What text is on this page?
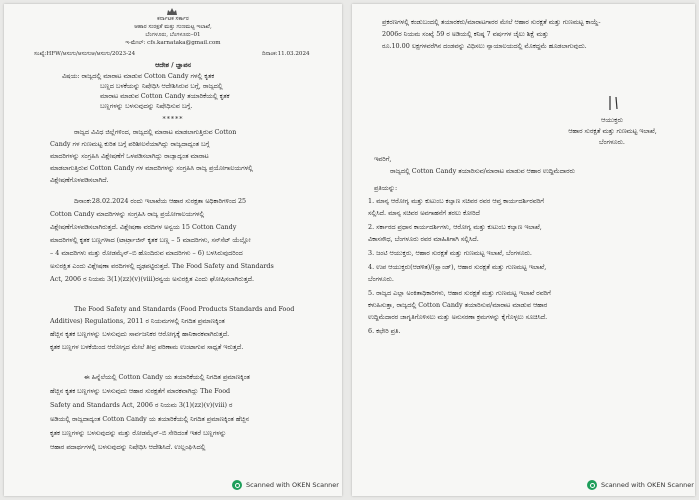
ಕರ್ನಾಟಕ ಸರ್ಕಾರ
ಆಹಾರ ಸುರಕ್ಷತೆ ಮತ್ತು ಗುಣಮಟ್ಟ ಇಲಾಖೆ,
ಬೆಂಗಳೂರು, ಬೆಂಗಳೂರು–01
ಇ-ಮೇಲ್: cfs.karnataka@gmail.com
ಸಂಖ್ಯೆ:HFW/ಆಸುಗು/ಆಸುಗುಆ/ಆಸುಗು/2023-24	ದಿನಾಂಕ:11.03.2024
ಆದೇಶ / ಜ್ಞಾಪನ
ವಿಷಯ: ರಾಜ್ಯದಲ್ಲಿ ಮಾರಾಟ ಮಾಡುವ Cotton Candy ಗಳಲ್ಲಿ ಕೃತಕ
ಬಣ್ಣದ ಬಳಕೆಯನ್ನು ನಿಷೇಧಿಸಿ ಆದೇಶಿಸಿರುವ ಬಗ್ಗೆ, ರಾಜ್ಯದಲ್ಲಿ
ಮಾರಾಟ ಮಾಡುವ Cotton Candy ತಯಾರಿಕೆಯಲ್ಲಿ ಕೃತಕ
ಬಣ್ಣಗಳನ್ನು ಬಳಸುವುದನ್ನು ನಿಷೇಧಿಸುವ ಬಗ್ಗೆ.
*****
ರಾಜ್ಯದ ವಿವಿಧ ಜಿಲ್ಲೆಗಳಿಂದ, ರಾಜ್ಯದಲ್ಲಿ ಮಾರಾಟ ಮಾಡಲಾಗುತ್ತಿರುವ Cotton
Candy ಗಳ ಗುಣಮಟ್ಟ ಕುರಿತ ಬಗ್ಗೆ ಪರಿಶೀಲನೆಯಾಗಿದ್ದು ರಾಜ್ಯದಾದ್ಯಂತ ಬಗ್ಗೆ
ಮಾದರಿಗಳನ್ನು ಸಂಗ್ರಹಿಸಿ ವಿಶ್ಲೇಷಣೆಗೆ ಒಳಪಡಿಸಲಾಗಿದ್ದು ರಾಜ್ಯಾದ್ಯಂತ ಮಾರಾಟ
ಮಾಡಲಾಗುತ್ತಿರುವ Cotton Candy ಗಳ ಮಾದರಿಗಳನ್ನು ಸಂಗ್ರಹಿಸಿ ರಾಜ್ಯ ಪ್ರಯೋಗಾಲಯಗಳಲ್ಲಿ
ವಿಶ್ಲೇಷಣೆಗೊಳಪಡಿಸಲಾಗಿದೆ.
ದಿನಾಂಕ:28.02.2024 ರಂದು ಇಲಾಖೆಯ ಆಹಾರ ಸುರಕ್ಷತಾ ಅಧಿಕಾರಿಗಳಿಂದ 25
Cotton Candy ಮಾದರಿಗಳನ್ನು ಸಂಗ್ರಹಿಸಿ ರಾಜ್ಯ ಪ್ರಯೋಗಾಲಯಗಳಲ್ಲಿ
ವಿಶ್ಲೇಷಣೆಗೊಳಪಡಿಸಲಾಗಿರುತ್ತದೆ. ವಿಶ್ಲೇಷಣಾ ವರದಿಗಳ ಅನ್ವಯ 15 Cotton Candy
ಮಾದರಿಗಳಲ್ಲಿ ಕೃತಕ ಬಣ್ಣಗಳಾದ (ಟಾರ್ಟ್ರಾಜಿನ್ ಕೃತಕ ಬಣ್ಣ – 5 ಮಾದರಿಗಳು, ಸನ್‌ಸೆಟ್ ಯೆಲ್ಲೋ
– 4 ಮಾದರಿಗಳು ಮತ್ತು ರೋಡಮೈನ್–ಬಿ ಹೊಂದಿರುವ ಮಾದರಿಗಳು – 6) ಬಳಸಿರುವುದರಿಂದ
ಅಸುರಕ್ಷಿತ ಎಂದು ವಿಶ್ಲೇಷಣಾ ವರದಿಗಳಲ್ಲಿ ದೃಢಪಟ್ಟಿರುತ್ತದೆ. The Food Safety and Standards
Act, 2006 ರ ನಿಯಮ 3(1)(zz)(v)(viii)ರನ್ವಯ ಅಸುರಕ್ಷಿತ ಎಂದು ಘೋಷಿಸಲಾಗಿರುತ್ತದೆ.
The Food Safety and Standards (Food Products Standards and Food
Additives) Regulations, 2011 ರ ನಿಯಮಗಳಲ್ಲಿ ನಿಗದಿತ ಪ್ರಮಾಣಕ್ಕಿಂತ
ಹೆಚ್ಚಿನ ಕೃತಕ ಬಣ್ಣಗಳನ್ನು ಬಳಸುವುದು ಸಾರ್ವಜನಿಕರ ಆರೋಗ್ಯಕ್ಕೆ ಹಾನಿಕಾರಕವಾಗಿರುತ್ತದೆ.
ಕೃತಕ ಬಣ್ಣಗಳ ಬಳಕೆಯಿಂದ ಆರೋಗ್ಯದ ಮೇಲೆ ತೀವ್ರ ಪರಿಣಾಮ ಉಂಟಾಗುವ ಸಾಧ್ಯತೆ ಇರುತ್ತದೆ.
ಈ ಹಿನ್ನೆಲೆಯಲ್ಲಿ Cotton Candy ಯ ತಯಾರಿಕೆಯಲ್ಲಿ ನಿಗದಿತ ಪ್ರಮಾಣಕ್ಕಿಂತ
ಹೆಚ್ಚಿನ ಕೃತಕ ಬಣ್ಣಗಳನ್ನು ಬಳಸುವುದು ಆಹಾರ ಸುರಕ್ಷತೆಗೆ ಮಾರಕವಾಗಿದ್ದು The Food
Safety and Standards Act, 2006 ರ ನಿಯಮ 3(1)(zz)(v)(viii) ರ
ಅಡಿಯಲ್ಲಿ ರಾಜ್ಯದಾದ್ಯಂತ Cotton Candy ಯ ತಯಾರಿಕೆಯಲ್ಲಿ ನಿಗದಿತ ಪ್ರಮಾಣಕ್ಕಿಂತ ಹೆಚ್ಚಿನ
ಕೃತಕ ಬಣ್ಣಗಳನ್ನು ಬಳಸುವುದನ್ನು ಮತ್ತು ರೋಡಮೈನ್–ಬಿ ಸೇರಿದಂತೆ ಇತರೆ ಬಣ್ಣಗಳನ್ನು
ಆಹಾರ ಪದಾರ್ಥಗಳಲ್ಲಿ ಬಳಸುವುದನ್ನು ನಿಷೇಧಿಸಿ ಆದೇಶಿಸಿದೆ. ಉಲ್ಲಂಘಿಸಿದಲ್ಲಿ
Scanned with OKEN Scanner
ಪ್ರಕರಣಗಳಲ್ಲಿ ಕಂಡುಬಂದಲ್ಲಿ ತಯಾರಕರು/ಮಾರಾಟಗಾರರ ಮೇಲೆ ಆಹಾರ ಸುರಕ್ಷತೆ ಮತ್ತು ಗುಣಮಟ್ಟ ಕಾಯ್ದೆ-
2006ರ ನಿಯಮ ಸಂಖ್ಯೆ 59 ರ ಅಡಿಯಲ್ಲಿ ಕನಿಷ್ಠ 7 ವರ್ಷಗಳ ಜೈಲು ಶಿಕ್ಷೆ ಮತ್ತು
ರೂ.10.00 ಲಕ್ಷಗಳವರೆಗಿನ ದಂಡವನ್ನು ವಿಧಿಸಲು ನ್ಯಾಯಾಲಯದಲ್ಲಿ ಮೊಕದ್ದಮೆ ಹೂಡಲಾಗುವುದು.
ಆಯುಕ್ತರು
ಆಹಾರ ಸುರಕ್ಷತೆ ಮತ್ತು ಗುಣಮಟ್ಟ ಇಲಾಖೆ,
ಬೆಂಗಳೂರು.
ಇವರಿಗೆ,
ರಾಜ್ಯದಲ್ಲಿ Cotton Candy ತಯಾರಿಸುವ/ಮಾರಾಟ ಮಾಡುವ ಆಹಾರ ಉದ್ದಿಮೆದಾರರು
ಪ್ರತಿಯನ್ನು:
1. ಮಾನ್ಯ ಆರೋಗ್ಯ ಮತ್ತು ಕುಟುಂಬ ಕಲ್ಯಾಣ ಸಚಿವರ ರವರ ಆಪ್ತ ಕಾರ್ಯದರ್ಶಿರವರಿಗೆ
ಸಲ್ಲಿಸಿದೆ. ಮಾನ್ಯ ಸಚಿವರ ಅವಗಾಹನೆಗೆ ತರಲು ಕೋರಿದೆ
2. ಸರ್ಕಾರದ ಪ್ರಧಾನ ಕಾರ್ಯದರ್ಶಿಗಳು, ಆರೋಗ್ಯ ಮತ್ತು ಕುಟುಂಬ ಕಲ್ಯಾಣ ಇಲಾಖೆ,
ವಿಕಾಸಸೌಧ, ಬೆಂಗಳೂರು ರವರ ಮಾಹಿತಿಗಾಗಿ ಸಲ್ಲಿಸಿದೆ.
3. ಜಂಟಿ ಆಯುಕ್ತರು, ಆಹಾರ ಸುರಕ್ಷತೆ ಮತ್ತು ಗುಣಮಟ್ಟ ಇಲಾಖೆ, ಬೆಂಗಳೂರು.
4. ಉಪ ಆಯುಕ್ತರು(ಆಡಳಿತ)/(ಸ್ಟ್ಯಾಂಡ್), ಆಹಾರ ಸುರಕ್ಷತೆ ಮತ್ತು ಗುಣಮಟ್ಟ ಇಲಾಖೆ,
ಬೆಂಗಳೂರು.
5. ರಾಜ್ಯದ ಎಲ್ಲಾ ಅಂಕಿತಾಧಿಕಾರಿಗಳು, ಆಹಾರ ಸುರಕ್ಷತೆ ಮತ್ತು ಗುಣಮಟ್ಟ ಇಲಾಖೆ ರವರಿಗೆ
ಕಳುಹಿಸುತ್ತಾ, ರಾಜ್ಯದಲ್ಲಿ Cotton Candy ತಯಾರಿಸುವ/ಮಾರಾಟ ಮಾಡುವ ಆಹಾರ
ಉದ್ದಿಮೆದಾರರ ಜಾಗೃತಿಗೊಳಿಸಲು ಮತ್ತು ಅನುಸರಣಾ ಕ್ರಮಗಳನ್ನು ಕೈಗೊಳ್ಳಲು ಸೂಚಿಸಿದೆ.
6. ಕಛೇರಿ ಪ್ರತಿ.
Scanned with OKEN Scanner
